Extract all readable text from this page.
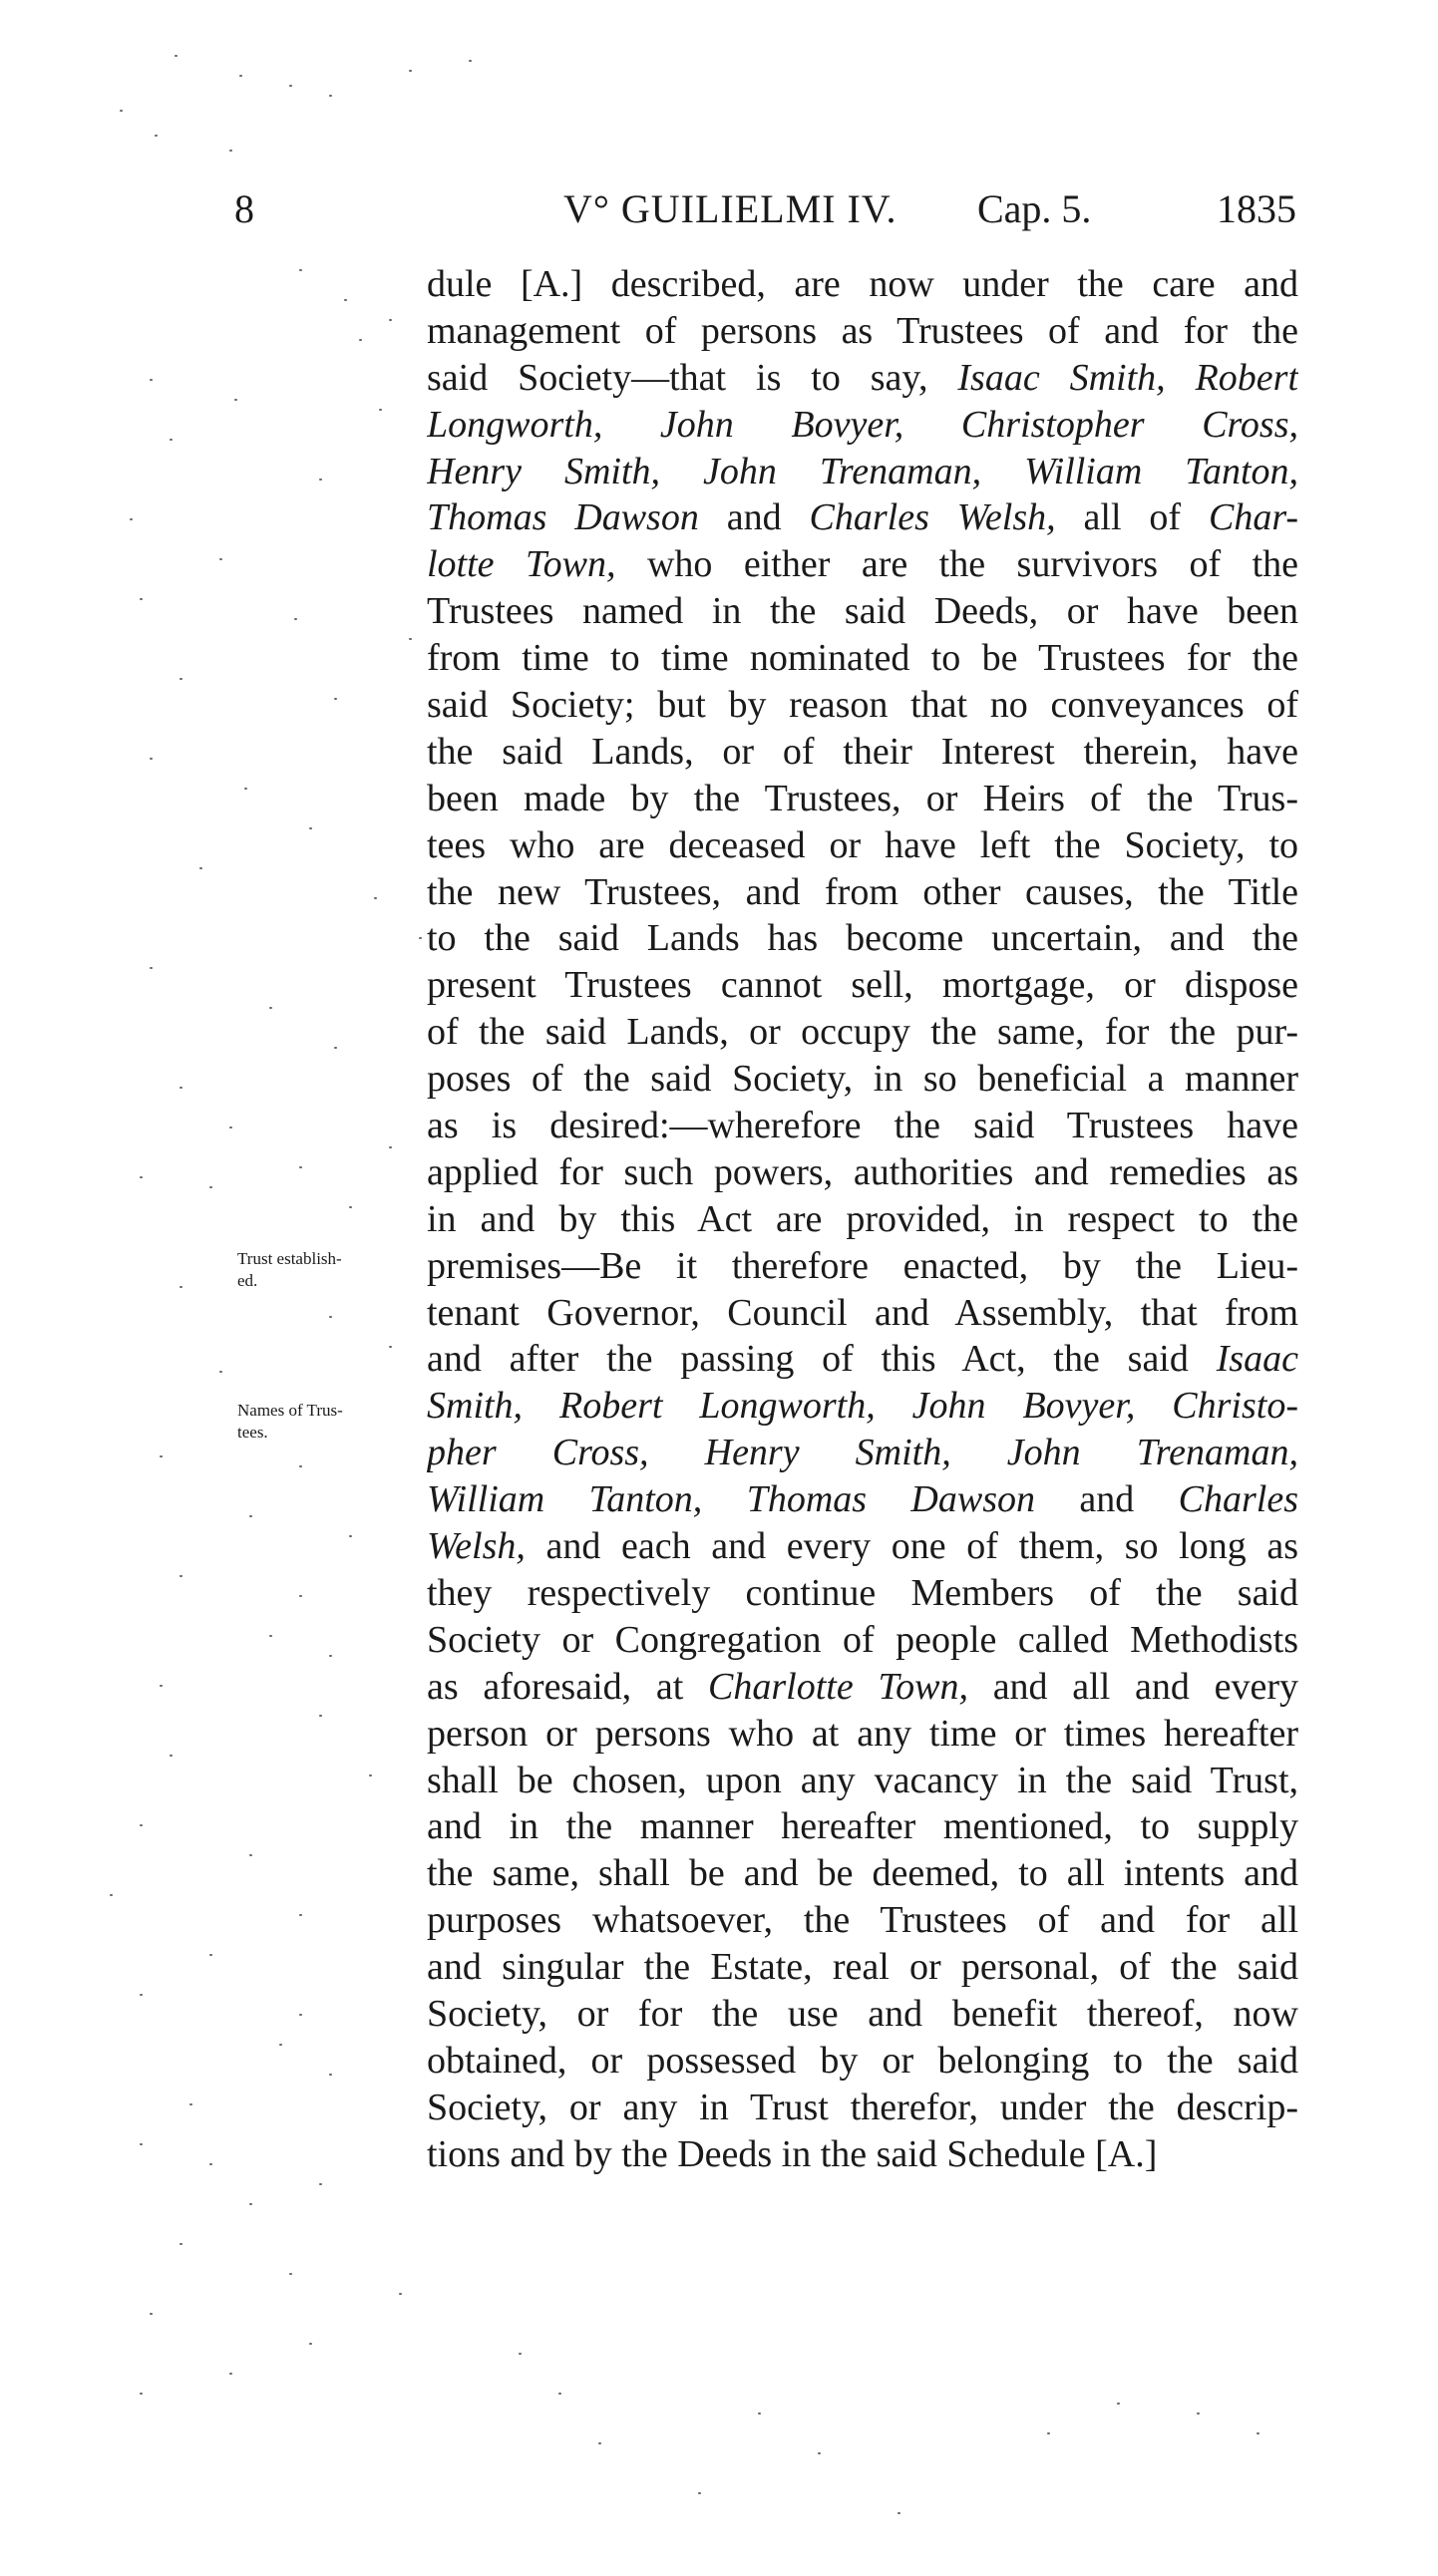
8	V° GUILIELMI IV. Cap. 5.	1835
Trust establish-
ed.
Names of Trus-
tees.
dule [A.] described, are now under the care and
management of persons as Trustees of and for the
said Society—that is to say, Isaac Smith, Robert
Longworth, John Bovyer, Christopher Cross,
Henry Smith, John Trenaman, William Tanton,
Thomas Dawson and Charles Welsh, all of Char-
lotte Town, who either are the survivors of the
Trustees named in the said Deeds, or have been
from time to time nominated to be Trustees for the
said Society; but by reason that no conveyances of
the said Lands, or of their Interest therein, have
been made by the Trustees, or Heirs of the Trus-
tees who are deceased or have left the Society, to
the new Trustees, and from other causes, the Title
to the said Lands has become uncertain, and the
present Trustees cannot sell, mortgage, or dispose
of the said Lands, or occupy the same, for the pur-
poses of the said Society, in so beneficial a manner
as is desired:—wherefore the said Trustees have
applied for such powers, authorities and remedies as
in and by this Act are provided, in respect to the
premises—Be it therefore enacted, by the Lieu-
tenant Governor, Council and Assembly, that from
and after the passing of this Act, the said Isaac
Smith, Robert Longworth, John Bovyer, Christo-
pher Cross, Henry Smith, John Trenaman,
William Tanton, Thomas Dawson and Charles
Welsh, and each and every one of them, so long as
they respectively continue Members of the said
Society or Congregation of people called Methodists
as aforesaid, at Charlotte Town, and all and every
person or persons who at any time or times hereafter
shall be chosen, upon any vacancy in the said Trust,
and in the manner hereafter mentioned, to supply
the same, shall be and be deemed, to all intents and
purposes whatsoever, the Trustees of and for all
and singular the Estate, real or personal, of the said
Society, or for the use and benefit thereof, now
obtained, or possessed by or belonging to the said
Society, or any in Trust therefor, under the descrip-
tions and by the Deeds in the said Schedule [A.]
